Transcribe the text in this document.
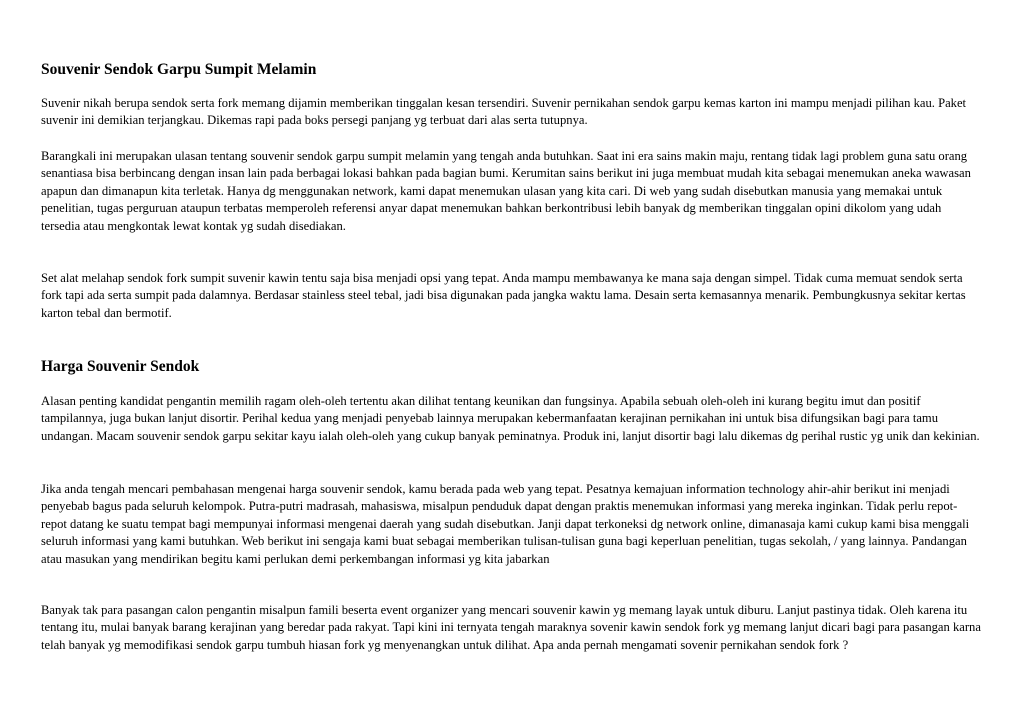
Souvenir Sendok Garpu Sumpit Melamin

Suvenir nikah berupa sendok serta fork memang dijamin memberikan tinggalan kesan tersendiri. Suvenir pernikahan sendok garpu kemas karton ini mampu menjadi pilihan kau. Paket suvenir ini demikian terjangkau. Dikemas rapi pada boks persegi panjang yg terbuat dari alas serta tutupnya.

Barangkali ini merupakan ulasan tentang souvenir sendok garpu sumpit melamin yang tengah anda butuhkan. Saat ini era sains makin maju, rentang tidak lagi problem guna satu orang senantiasa bisa berbincang dengan insan lain pada berbagai lokasi bahkan pada bagian bumi. Kerumitan sains berikut ini juga membuat mudah kita sebagai menemukan aneka wawasan apapun dan dimanapun kita terletak. Hanya dg menggunakan network, kami dapat menemukan ulasan yang kita cari. Di web yang sudah disebutkan manusia yang memakai untuk penelitian, tugas perguruan ataupun terbatas memperoleh referensi anyar dapat menemukan bahkan berkontribusi lebih banyak dg memberikan tinggalan opini dikolom yang udah tersedia atau mengkontak lewat kontak yg sudah disediakan.

Set alat melahap sendok fork sumpit suvenir kawin tentu saja bisa menjadi opsi yang tepat. Anda mampu membawanya ke mana saja dengan simpel. Tidak cuma memuat sendok serta fork tapi ada serta sumpit pada dalamnya. Berdasar stainless steel tebal, jadi bisa digunakan pada jangka waktu lama. Desain serta kemasannya menarik. Pembungkusnya sekitar kertas karton tebal dan bermotif.

Harga Souvenir Sendok

Alasan penting kandidat pengantin memilih ragam oleh-oleh tertentu akan dilihat tentang keunikan dan fungsinya. Apabila sebuah oleh-oleh ini kurang begitu imut dan positif tampilannya, juga bukan lanjut disortir. Perihal kedua yang menjadi penyebab lainnya merupakan kebermanfaatan kerajinan pernikahan ini untuk bisa difungsikan bagi para tamu undangan. Macam souvenir sendok garpu sekitar kayu ialah oleh-oleh yang cukup banyak peminatnya. Produk ini, lanjut disortir bagi lalu dikemas dg perihal rustic yg unik dan kekinian.

Jika anda tengah mencari pembahasan mengenai harga souvenir sendok, kamu berada pada web yang tepat. Pesatnya kemajuan information technology ahir-ahir berikut ini menjadi penyebab bagus pada seluruh kelompok. Putra-putri madrasah, mahasiswa, misalpun penduduk dapat dengan praktis menemukan informasi yang mereka inginkan. Tidak perlu repot-repot datang ke suatu tempat bagi mempunyai informasi mengenai daerah yang sudah disebutkan. Janji dapat terkoneksi dg network online, dimanasaja kami cukup kami bisa menggali seluruh informasi yang kami butuhkan. Web berikut ini sengaja kami buat sebagai memberikan tulisan-tulisan guna bagi keperluan penelitian, tugas sekolah, / yang lainnya. Pandangan atau masukan yang mendirikan begitu kami perlukan demi perkembangan informasi yg kita jabarkan

Banyak tak para pasangan calon pengantin misalpun famili beserta event organizer yang mencari souvenir kawin yg memang layak untuk diburu. Lanjut pastinya tidak. Oleh karena itu tentang itu, mulai banyak barang kerajinan yang beredar pada rakyat. Tapi kini ini ternyata tengah maraknya sovenir kawin sendok fork yg memang lanjut dicari bagi para pasangan karna telah banyak yg memodifikasi sendok garpu tumbuh hiasan fork yg menyenangkan untuk dilihat. Apa anda pernah mengamati sovenir pernikahan sendok fork ?
